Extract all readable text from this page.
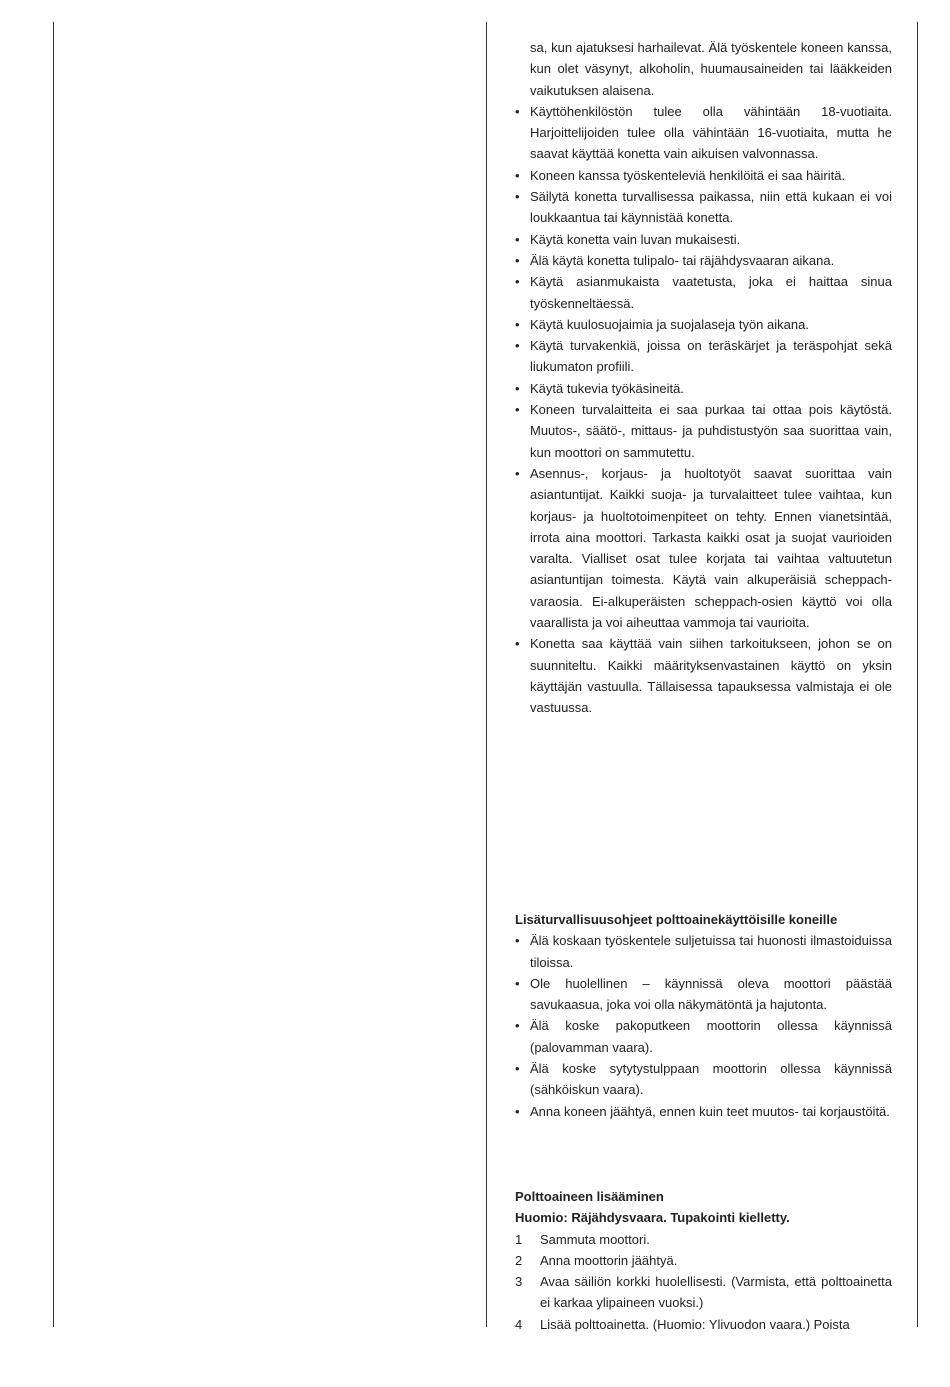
sa, kun ajatuksesi harhailevat. Älä työskentele koneen kanssa, kun olet väsynyt, alkoholin, huumausaineiden tai lääkkeiden vaikutuksen alaisena.
• Käyttöhenkilöstön tulee olla vähintään 18-vuotiaita. Harjoittelijoiden tulee olla vähintään 16-vuotiaita, mutta he saavat käyttää konetta vain aikuisen valvonnassa.
• Koneen kanssa työskenteleviä henkilöitä ei saa häiritä.
• Säilytä konetta turvallisessa paikassa, niin että kukaan ei voi loukkaantua tai käynnistää konetta.
• Käytä konetta vain luvan mukaisesti.
• Älä käytä konetta tulipalo- tai räjähdysvaaran aikana.
• Käytä asianmukaista vaatetusta, joka ei haittaa sinua työskenneltäessä.
• Käytä kuulosuojaimia ja suojalaseja työn aikana.
• Käytä turvakenkiä, joissa on teräskärjet ja teräspohjat sekä liukumaton profiili.
• Käytä tukevia työkäsineitä.
• Koneen turvalaitteita ei saa purkaa tai ottaa pois käytöstä. Muutos-, säätö-, mittaus- ja puhdistustyön saa suorittaa vain, kun moottori on sammutettu.
• Asennus-, korjaus- ja huoltotyöt saavat suorittaa vain asiantuntijat. Kaikki suoja- ja turvalaitteet tulee vaihtaa, kun korjaus- ja huoltotoimenpiteet on tehty. Ennen vianetsintää, irrota aina moottori. Tarkasta kaikki osat ja suojat vaurioiden varalta. Vialliset osat tulee korjata tai vaihtaa valtuutetun asiantuntijan toimesta. Käytä vain alkuperäisiä scheppach-varaosia. Ei-alkuperäisten scheppach-osien käyttö voi olla vaarallista ja voi aiheuttaa vammoja tai vaurioita.
• Konetta saa käyttää vain siihen tarkoitukseen, johon se on suunniteltu. Kaikki määrityksenvastainen käyttö on yksin käyttäjän vastuulla. Tällaisessa tapauksessa valmistaja ei ole vastuussa.
Lisäturvallisuusohjeet polttoainekäyttöisille koneille
• Älä koskaan työskentele suljetuissa tai huonosti ilmastoiduissa tiloissa.
• Ole huolellinen – käynnissä oleva moottori päästää savukaasua, joka voi olla näkymätöntä ja hajutonta.
• Älä koske pakoputkeen moottorin ollessa käynnissä (palovamman vaara).
• Älä koske sytytystulppaan moottorin ollessa käynnissä (sähköiskun vaara).
• Anna koneen jäähtyä, ennen kuin teet muutos- tai korjaustöitä.
Polttoaineen lisääminen
Huomio: Räjähdysvaara. Tupakointi kielletty.
1 Sammuta moottori.
2 Anna moottorin jäähtyä.
3 Avaa säiliön korkki huolellisesti. (Varmista, että polttoainetta ei karkaa ylipaineen vuoksi.)
4 Lisää polttoainetta. (Huomio: Ylivuodon vaara.) Poista
